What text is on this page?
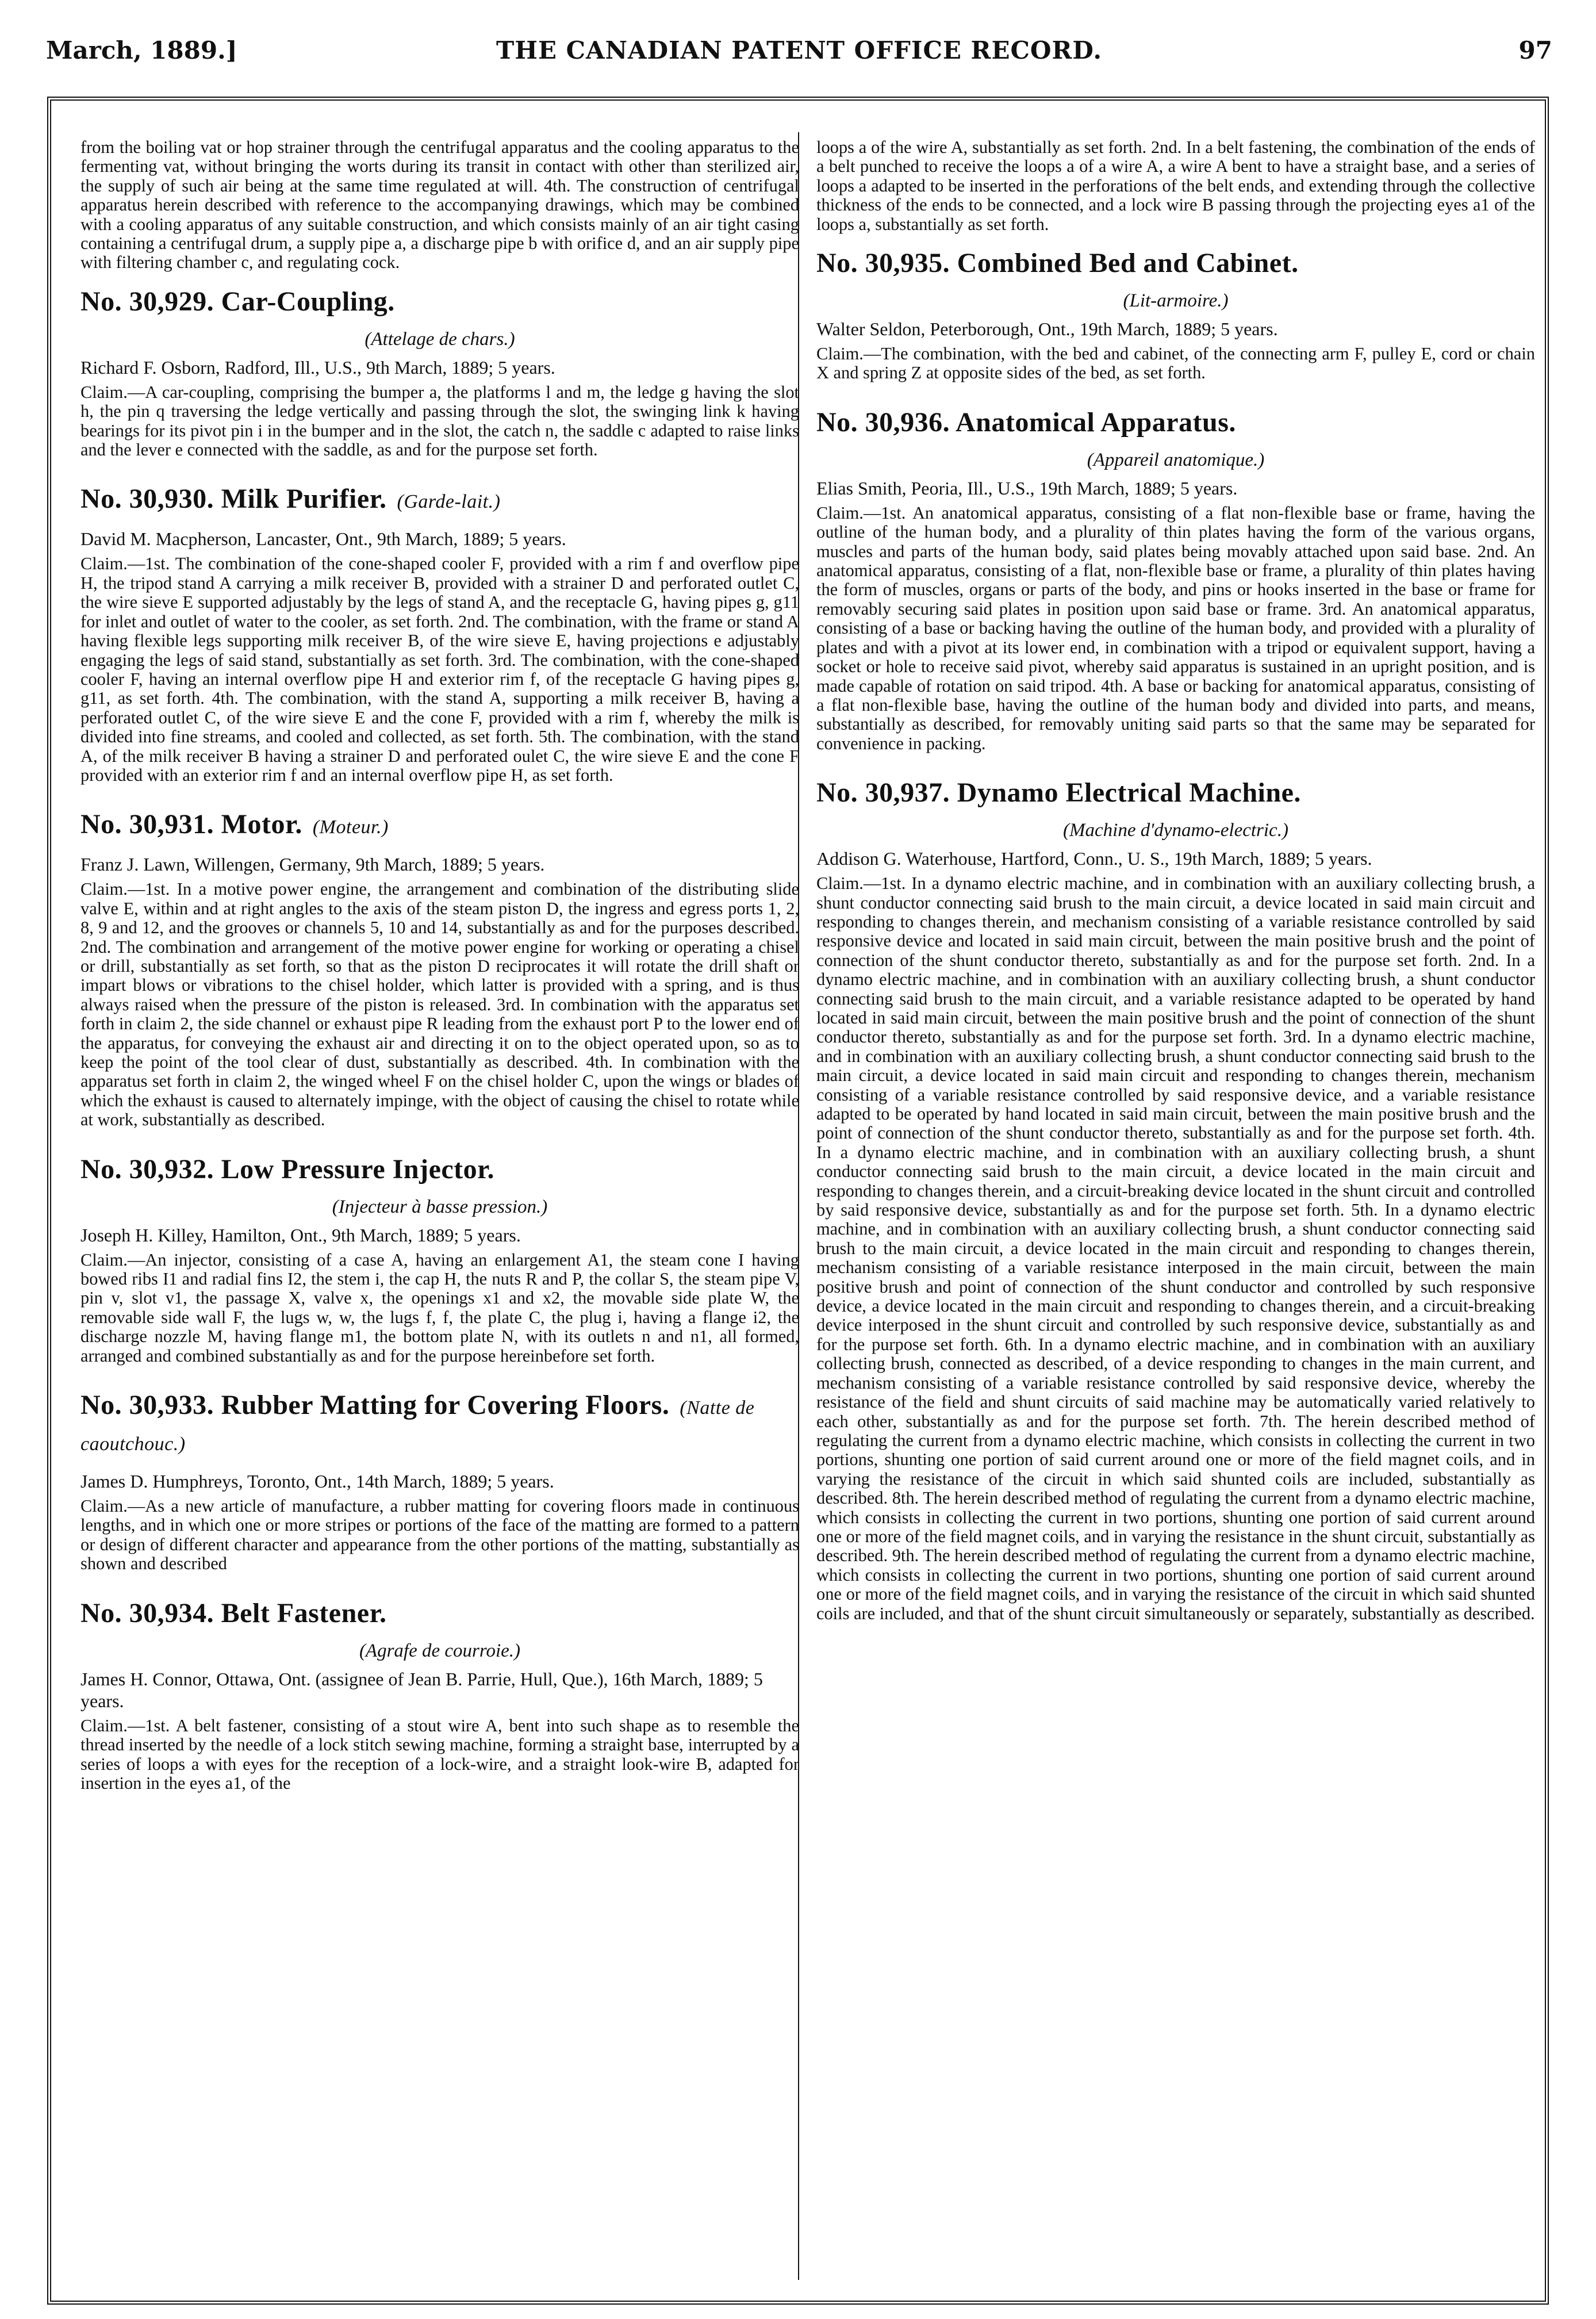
March, 1889.]	THE CANADIAN PATENT OFFICE RECORD.	97

from the boiling vat or hop strainer through the centrifugal apparatus and the cooling apparatus to the fermenting vat, without bringing the worts during its transit in contact with other than sterilized air, the supply of such air being at the same time regulated at will. 4th. The construction of centrifugal apparatus herein described with reference to the accompanying drawings, which may be combined with a cooling apparatus of any suitable construction, and which consists mainly of an air tight casing containing a centrifugal drum, a supply pipe a, a discharge pipe b with orifice d, and an air supply pipe with filtering chamber c, and regulating cock.

No. 30,929. Car-Coupling.
(Attelage de chars.)
Richard F. Osborn, Radford, Ill., U.S., 9th March, 1889; 5 years.

Claim.—A car-coupling, comprising the bumper a, the platforms l and m, the ledge g having the slot h, the pin q traversing the ledge vertically and passing through the slot, the swinging link k having bearings for its pivot pin i in the bumper and in the slot, the catch n, the saddle c adapted to raise links and the lever e connected with the saddle, as and for the purpose set forth.

No. 30,930. Milk Purifier. (Garde-lait.)
David M. Macpherson, Lancaster, Ont., 9th March, 1889; 5 years.

Claim.—1st. The combination of the cone-shaped cooler F, provided with a rim f and overflow pipe H, the tripod stand A carrying a milk receiver B, provided with a strainer D and perforated outlet C, the wire sieve E supported adjustably by the legs of stand A, and the receptacle G, having pipes g, g11 for inlet and outlet of water to the cooler, as set forth. 2nd. The combination, with the frame or stand A having flexible legs supporting milk receiver B, of the wire sieve E, having projections e adjustably engaging the legs of said stand, substantially as set forth. 3rd. The combination, with the cone-shaped cooler F, having an internal overflow pipe H and exterior rim f, of the receptacle G having pipes g, g11, as set forth. 4th. The combination, with the stand A, supporting a milk receiver B, having a perforated outlet C, of the wire sieve E and the cone F, provided with a rim f, whereby the milk is divided into fine streams, and cooled and collected, as set forth. 5th. The combination, with the stand A, of the milk receiver B having a strainer D and perforated oulet C, the wire sieve E and the cone F provided with an exterior rim f and an internal overflow pipe H, as set forth.

No. 30,931. Motor. (Moteur.)
Franz J. Lawn, Willengen, Germany, 9th March, 1889; 5 years.

Claim.—1st. In a motive power engine, the arrangement and combination of the distributing slide valve E, within and at right angles to the axis of the steam piston D, the ingress and egress ports 1, 2, 8, 9 and 12, and the grooves or channels 5, 10 and 14, substantially as and for the purposes described. 2nd. The combination and arrangement of the motive power engine for working or operating a chisel or drill, substantially as set forth, so that as the piston D reciprocates it will rotate the drill shaft or impart blows or vibrations to the chisel holder, which latter is provided with a spring, and is thus always raised when the pressure of the piston is released. 3rd. In combination with the apparatus set forth in claim 2, the side channel or exhaust pipe R leading from the exhaust port P to the lower end of the apparatus, for conveying the exhaust air and directing it on to the object operated upon, so as to keep the point of the tool clear of dust, substantially as described. 4th. In combination with the apparatus set forth in claim 2, the winged wheel F on the chisel holder C, upon the wings or blades of which the exhaust is caused to alternately impinge, with the object of causing the chisel to rotate while at work, substantially as described.

No. 30,932. Low Pressure Injector.
(Injecteur à basse pression.)
Joseph H. Killey, Hamilton, Ont., 9th March, 1889; 5 years.

Claim.—An injector, consisting of a case A, having an enlargement A1, the steam cone I having bowed ribs I1 and radial fins I2, the stem i, the cap H, the nuts R and P, the collar S, the steam pipe V, pin v, slot v1, the passage X, valve x, the openings x1 and x2, the movable side plate W, the removable side wall F, the lugs w, w, the lugs f, f, the plate C, the plug i, having a flange i2, the discharge nozzle M, having flange m1, the bottom plate N, with its outlets n and n1, all formed, arranged and combined substantially as and for the purpose hereinbefore set forth.

No. 30,933. Rubber Matting for Covering Floors. (Natte de caoutchouc.)
James D. Humphreys, Toronto, Ont., 14th March, 1889; 5 years.

Claim.—As a new article of manufacture, a rubber matting for covering floors made in continuous lengths, and in which one or more stripes or portions of the face of the matting are formed to a pattern or design of different character and appearance from the other portions of the matting, substantially as shown and described

No. 30,934. Belt Fastener.
(Agrafe de courroie.)
James H. Connor, Ottawa, Ont. (assignee of Jean B. Parrie, Hull, Que.), 16th March, 1889; 5 years.

Claim.—1st. A belt fastener, consisting of a stout wire A, bent into such shape as to resemble the thread inserted by the needle of a lock stitch sewing machine, forming a straight base, interrupted by a series of loops a with eyes for the reception of a lock-wire, and a straight look-wire B, adapted for insertion in the eyes a1, of the

loops a of the wire A, substantially as set forth. 2nd. In a belt fastening, the combination of the ends of a belt punched to receive the loops a of a wire A, a wire A bent to have a straight base, and a series of loops a adapted to be inserted in the perforations of the belt ends, and extending through the collective thickness of the ends to be connected, and a lock wire B passing through the projecting eyes a1 of the loops a, substantially as set forth.

No. 30,935. Combined Bed and Cabinet.
(Lit-armoire.)
Walter Seldon, Peterborough, Ont., 19th March, 1889; 5 years.

Claim.—The combination, with the bed and cabinet, of the connecting arm F, pulley E, cord or chain X and spring Z at opposite sides of the bed, as set forth.

No. 30,936. Anatomical Apparatus.
(Appareil anatomique.)
Elias Smith, Peoria, Ill., U.S., 19th March, 1889; 5 years.

Claim.—1st. An anatomical apparatus, consisting of a flat non-flexible base or frame, having the outline of the human body, and a plurality of thin plates having the form of the various organs, muscles and parts of the human body, said plates being movably attached upon said base. 2nd. An anatomical apparatus, consisting of a flat, non-flexible base or frame, a plurality of thin plates having the form of muscles, organs or parts of the body, and pins or hooks inserted in the base or frame for removably securing said plates in position upon said base or frame. 3rd. An anatomical apparatus, consisting of a base or backing having the outline of the human body, and provided with a plurality of plates and with a pivot at its lower end, in combination with a tripod or equivalent support, having a socket or hole to receive said pivot, whereby said apparatus is sustained in an upright position, and is made capable of rotation on said tripod. 4th. A base or backing for anatomical apparatus, consisting of a flat non-flexible base, having the outline of the human body and divided into parts, and means, substantially as described, for removably uniting said parts so that the same may be separated for convenience in packing.

No. 30,937. Dynamo Electrical Machine.
(Machine d'dynamo-electric.)
Addison G. Waterhouse, Hartford, Conn., U. S., 19th March, 1889; 5 years.

Claim.—1st. In a dynamo electric machine, and in combination with an auxiliary collecting brush, a shunt conductor connecting said brush to the main circuit, a device located in said main circuit and responding to changes therein, and mechanism consisting of a variable resistance controlled by said responsive device and located in said main circuit, between the main positive brush and the point of connection of the shunt conductor thereto, substantially as and for the purpose set forth. 2nd. In a dynamo electric machine, and in combination with an auxiliary collecting brush, a shunt conductor connecting said brush to the main circuit, and a variable resistance adapted to be operated by hand located in said main circuit, between the main positive brush and the point of connection of the shunt conductor thereto, substantially as and for the purpose set forth. 3rd. In a dynamo electric machine, and in combination with an auxiliary collecting brush, a shunt conductor connecting said brush to the main circuit, a device located in said main circuit and responding to changes therein, mechanism consisting of a variable resistance controlled by said responsive device, and a variable resistance adapted to be operated by hand located in said main circuit, between the main positive brush and the point of connection of the shunt conductor thereto, substantially as and for the purpose set forth. 4th. In a dynamo electric machine, and in combination with an auxiliary collecting brush, a shunt conductor connecting said brush to the main circuit, a device located in the main circuit and responding to changes therein, and a circuit-breaking device located in the shunt circuit and controlled by said responsive device, substantially as and for the purpose set forth. 5th. In a dynamo electric machine, and in combination with an auxiliary collecting brush, a shunt conductor connecting said brush to the main circuit, a device located in the main circuit and responding to changes therein, mechanism consisting of a variable resistance interposed in the main circuit, between the main positive brush and point of connection of the shunt conductor and controlled by such responsive device, a device located in the main circuit and responding to changes therein, and a circuit-breaking device interposed in the shunt circuit and controlled by such responsive device, substantially as and for the purpose set forth. 6th. In a dynamo electric machine, and in combination with an auxiliary collecting brush, connected as described, of a device responding to changes in the main current, and mechanism consisting of a variable resistance controlled by said responsive device, whereby the resistance of the field and shunt circuits of said machine may be automatically varied relatively to each other, substantially as and for the purpose set forth. 7th. The herein described method of regulating the current from a dynamo electric machine, which consists in collecting the current in two portions, shunting one portion of said current around one or more of the field magnet coils, and in varying the resistance of the circuit in which said shunted coils are included, substantially as described. 8th. The herein described method of regulating the current from a dynamo electric machine, which consists in collecting the current in two portions, shunting one portion of said current around one or more of the field magnet coils, and in varying the resistance in the shunt circuit, substantially as described. 9th. The herein described method of regulating the current from a dynamo electric machine, which consists in collecting the current in two portions, shunting one portion of said current around one or more of the field magnet coils, and in varying the resistance of the circuit in which said shunted coils are included, and that of the shunt circuit simultaneously or separately, substantially as described.
